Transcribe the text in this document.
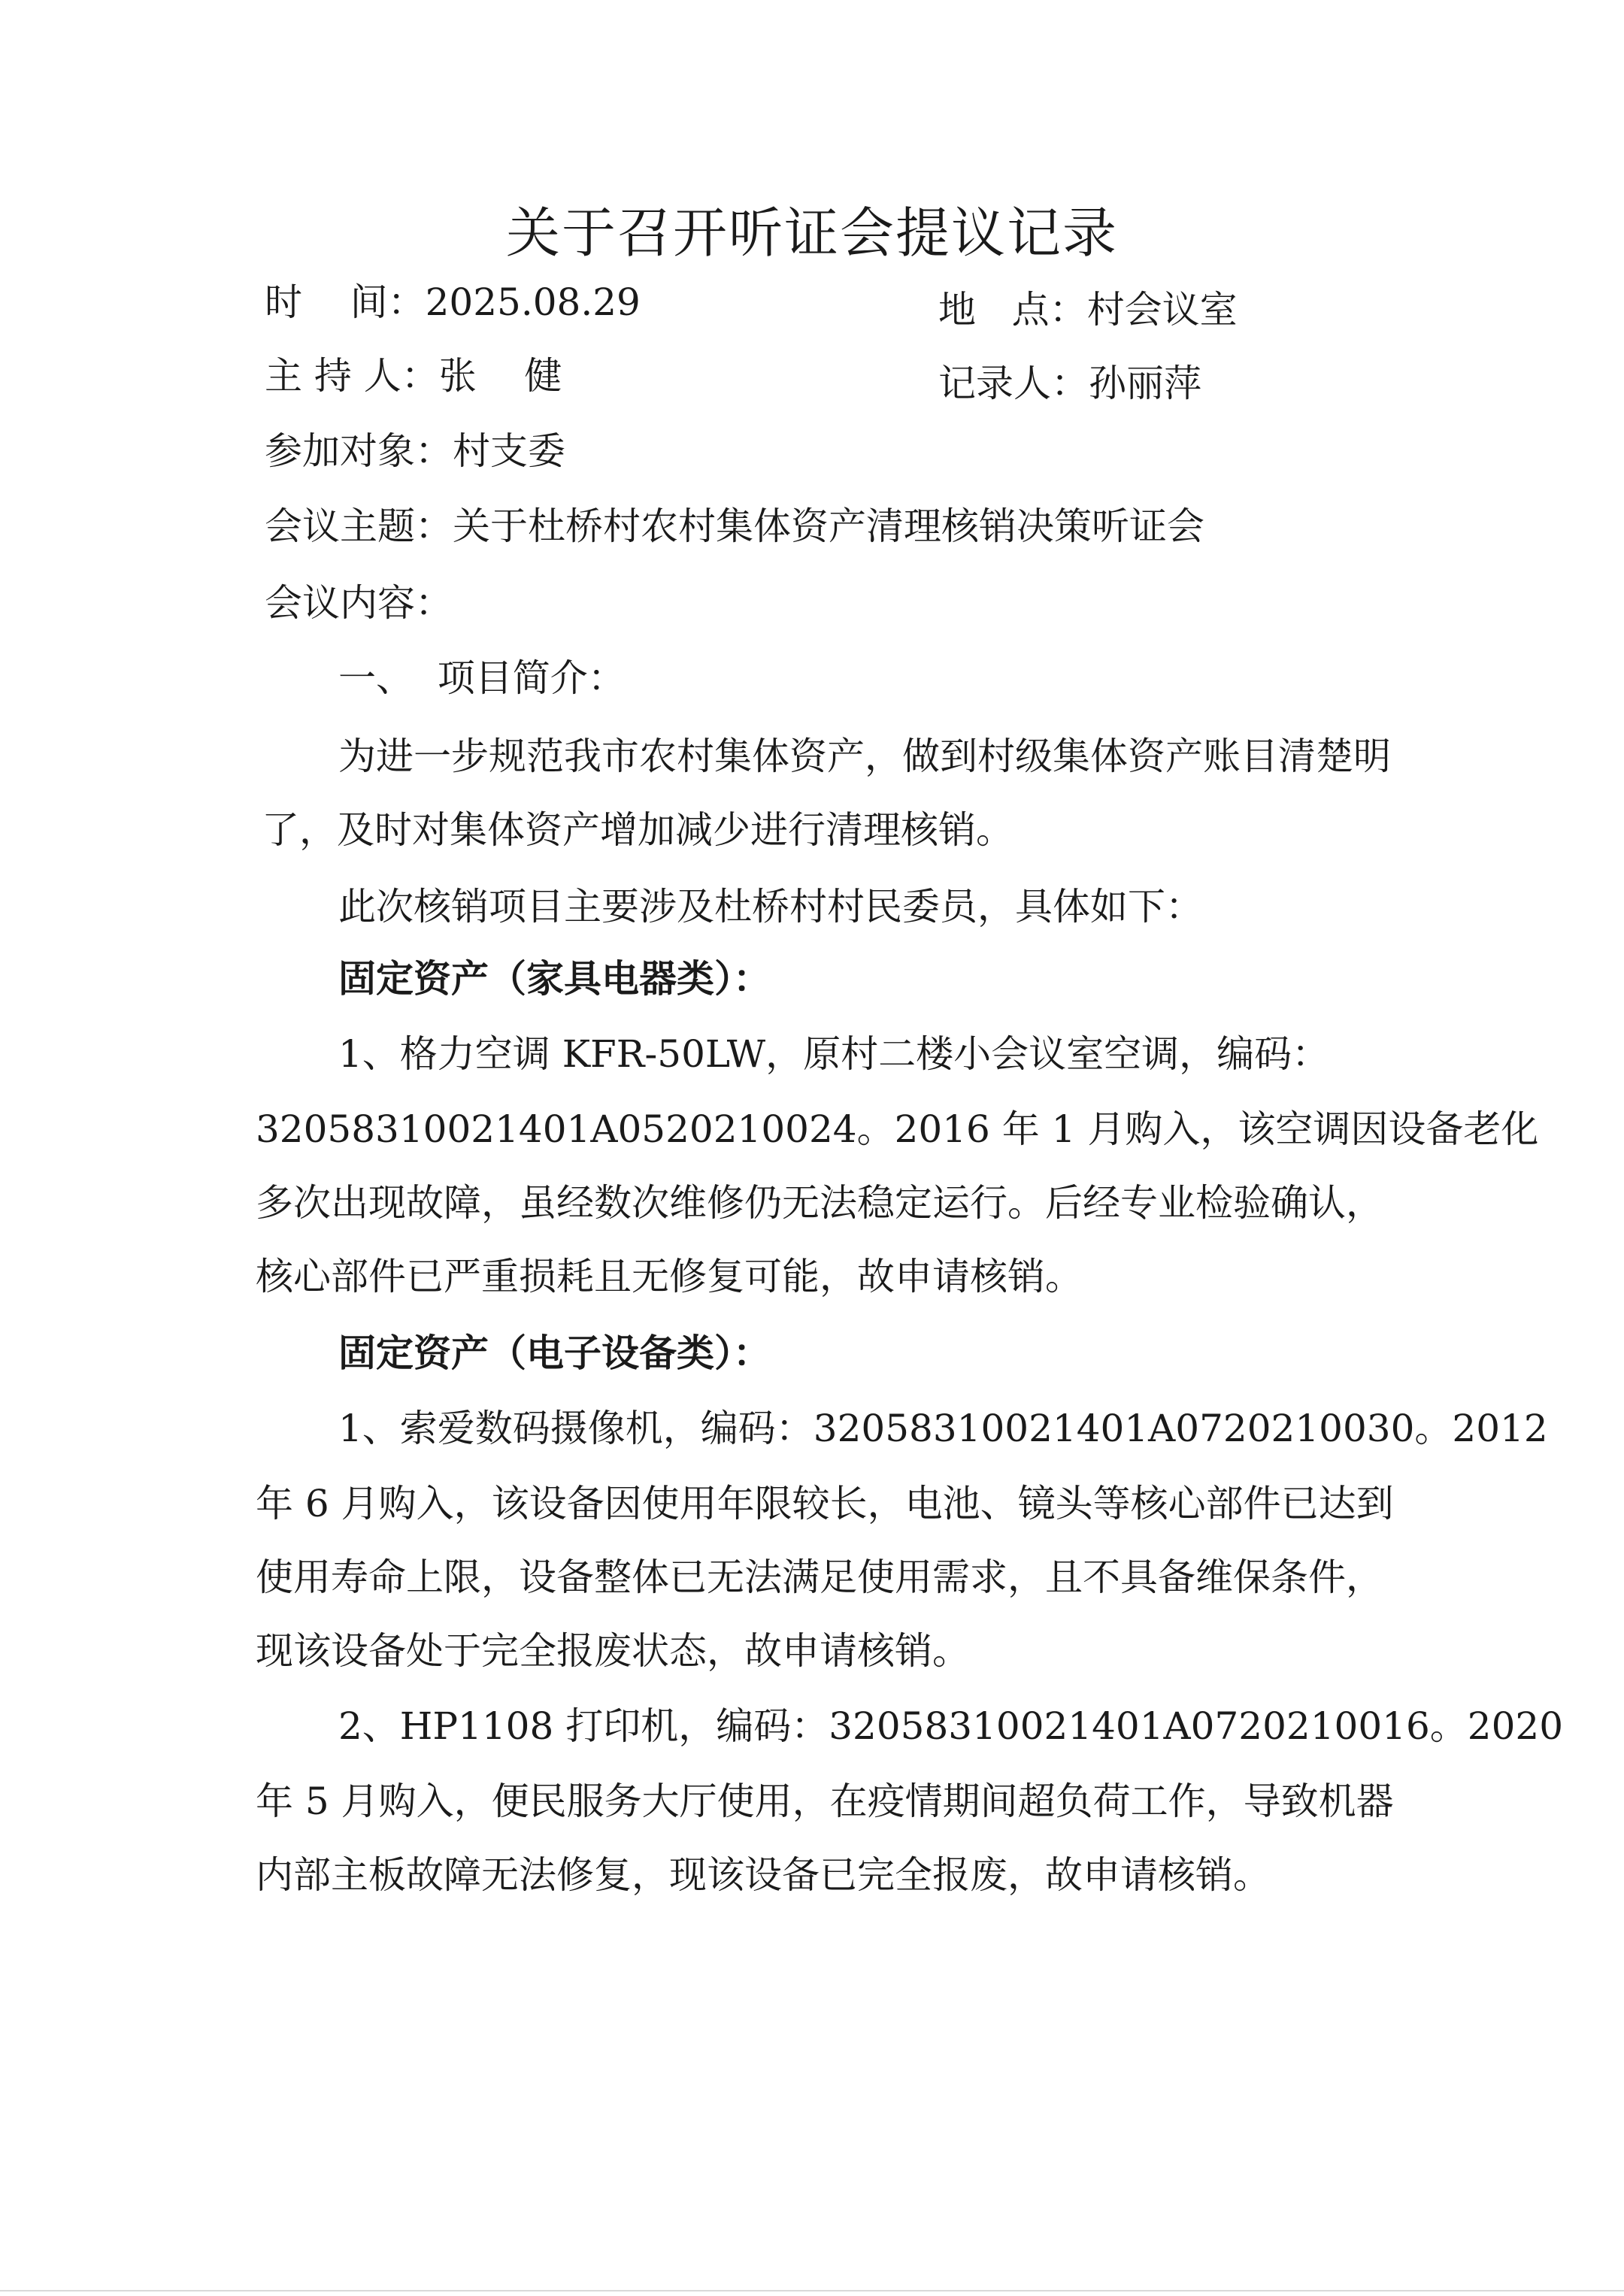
关于召开听证会提议记录
时    间：2025.08.29	地   点：村会议室
主 持 人：张    健	记录人：孙丽萍
参加对象：村支委
会议主题：关于杜桥村农村集体资产清理核销决策听证会
会议内容：
一、  项目简介：
为进一步规范我市农村集体资产，做到村级集体资产账目清楚明
了，及时对集体资产增加减少进行清理核销。
此次核销项目主要涉及杜桥村村民委员，具体如下：
固定资产（家具电器类）：
1、格力空调 KFR-50LW，原村二楼小会议室空调，编码：
32058310021401A0520210024。2016 年 1 月购入，该空调因设备老化
多次出现故障，虽经数次维修仍无法稳定运行。后经专业检验确认，
核心部件已严重损耗且无修复可能，故申请核销。
固定资产（电子设备类）：
1、索爱数码摄像机，编码：32058310021401A0720210030。2012
年 6 月购入，该设备因使用年限较长，电池、镜头等核心部件已达到
使用寿命上限，设备整体已无法满足使用需求，且不具备维保条件，
现该设备处于完全报废状态，故申请核销。
2、HP1108 打印机，编码：32058310021401A0720210016。2020
年 5 月购入，便民服务大厅使用，在疫情期间超负荷工作，导致机器
内部主板故障无法修复，现该设备已完全报废，故申请核销。
